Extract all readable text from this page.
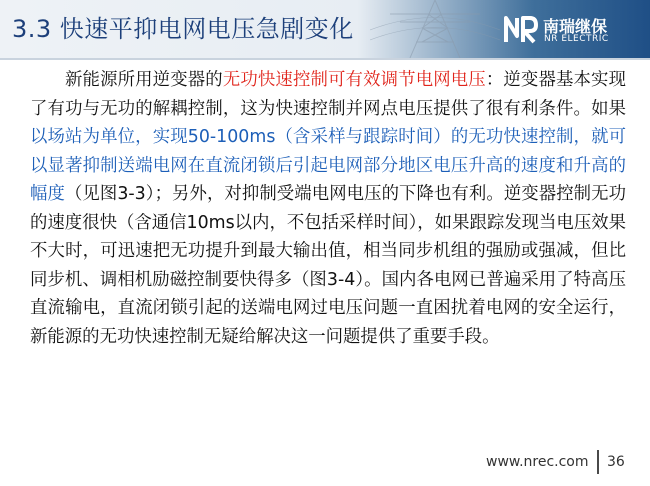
3.3 快速平抑电网电压急剧变化	南瑞继保
NR ELECTRIC
新能源所用逆变器的无功快速控制可有效调节电网电压：逆变器基本实现了有功与无功的解耦控制，这为快速控制并网点电压提供了很有利条件。如果以场站为单位，实现50-100ms（含采样与跟踪时间）的无功快速控制，就可以显著抑制送端电网在直流闭锁后引起电网部分地区电压升高的速度和升高的幅度（见图3-3）；另外，对抑制受端电网电压的下降也有利。逆变器控制无功的速度很快（含通信10ms以内，不包括采样时间），如果跟踪发现当电压效果不大时，可迅速把无功提升到最大输出值，相当同步机组的强励或强减，但比同步机、调相机励磁控制要快得多（图3-4）。国内各电网已普遍采用了特高压直流输电，直流闭锁引起的送端电网过电压问题一直困扰着电网的安全运行，新能源的无功快速控制无疑给解决这一问题提供了重要手段。
www.nrec.com 36
